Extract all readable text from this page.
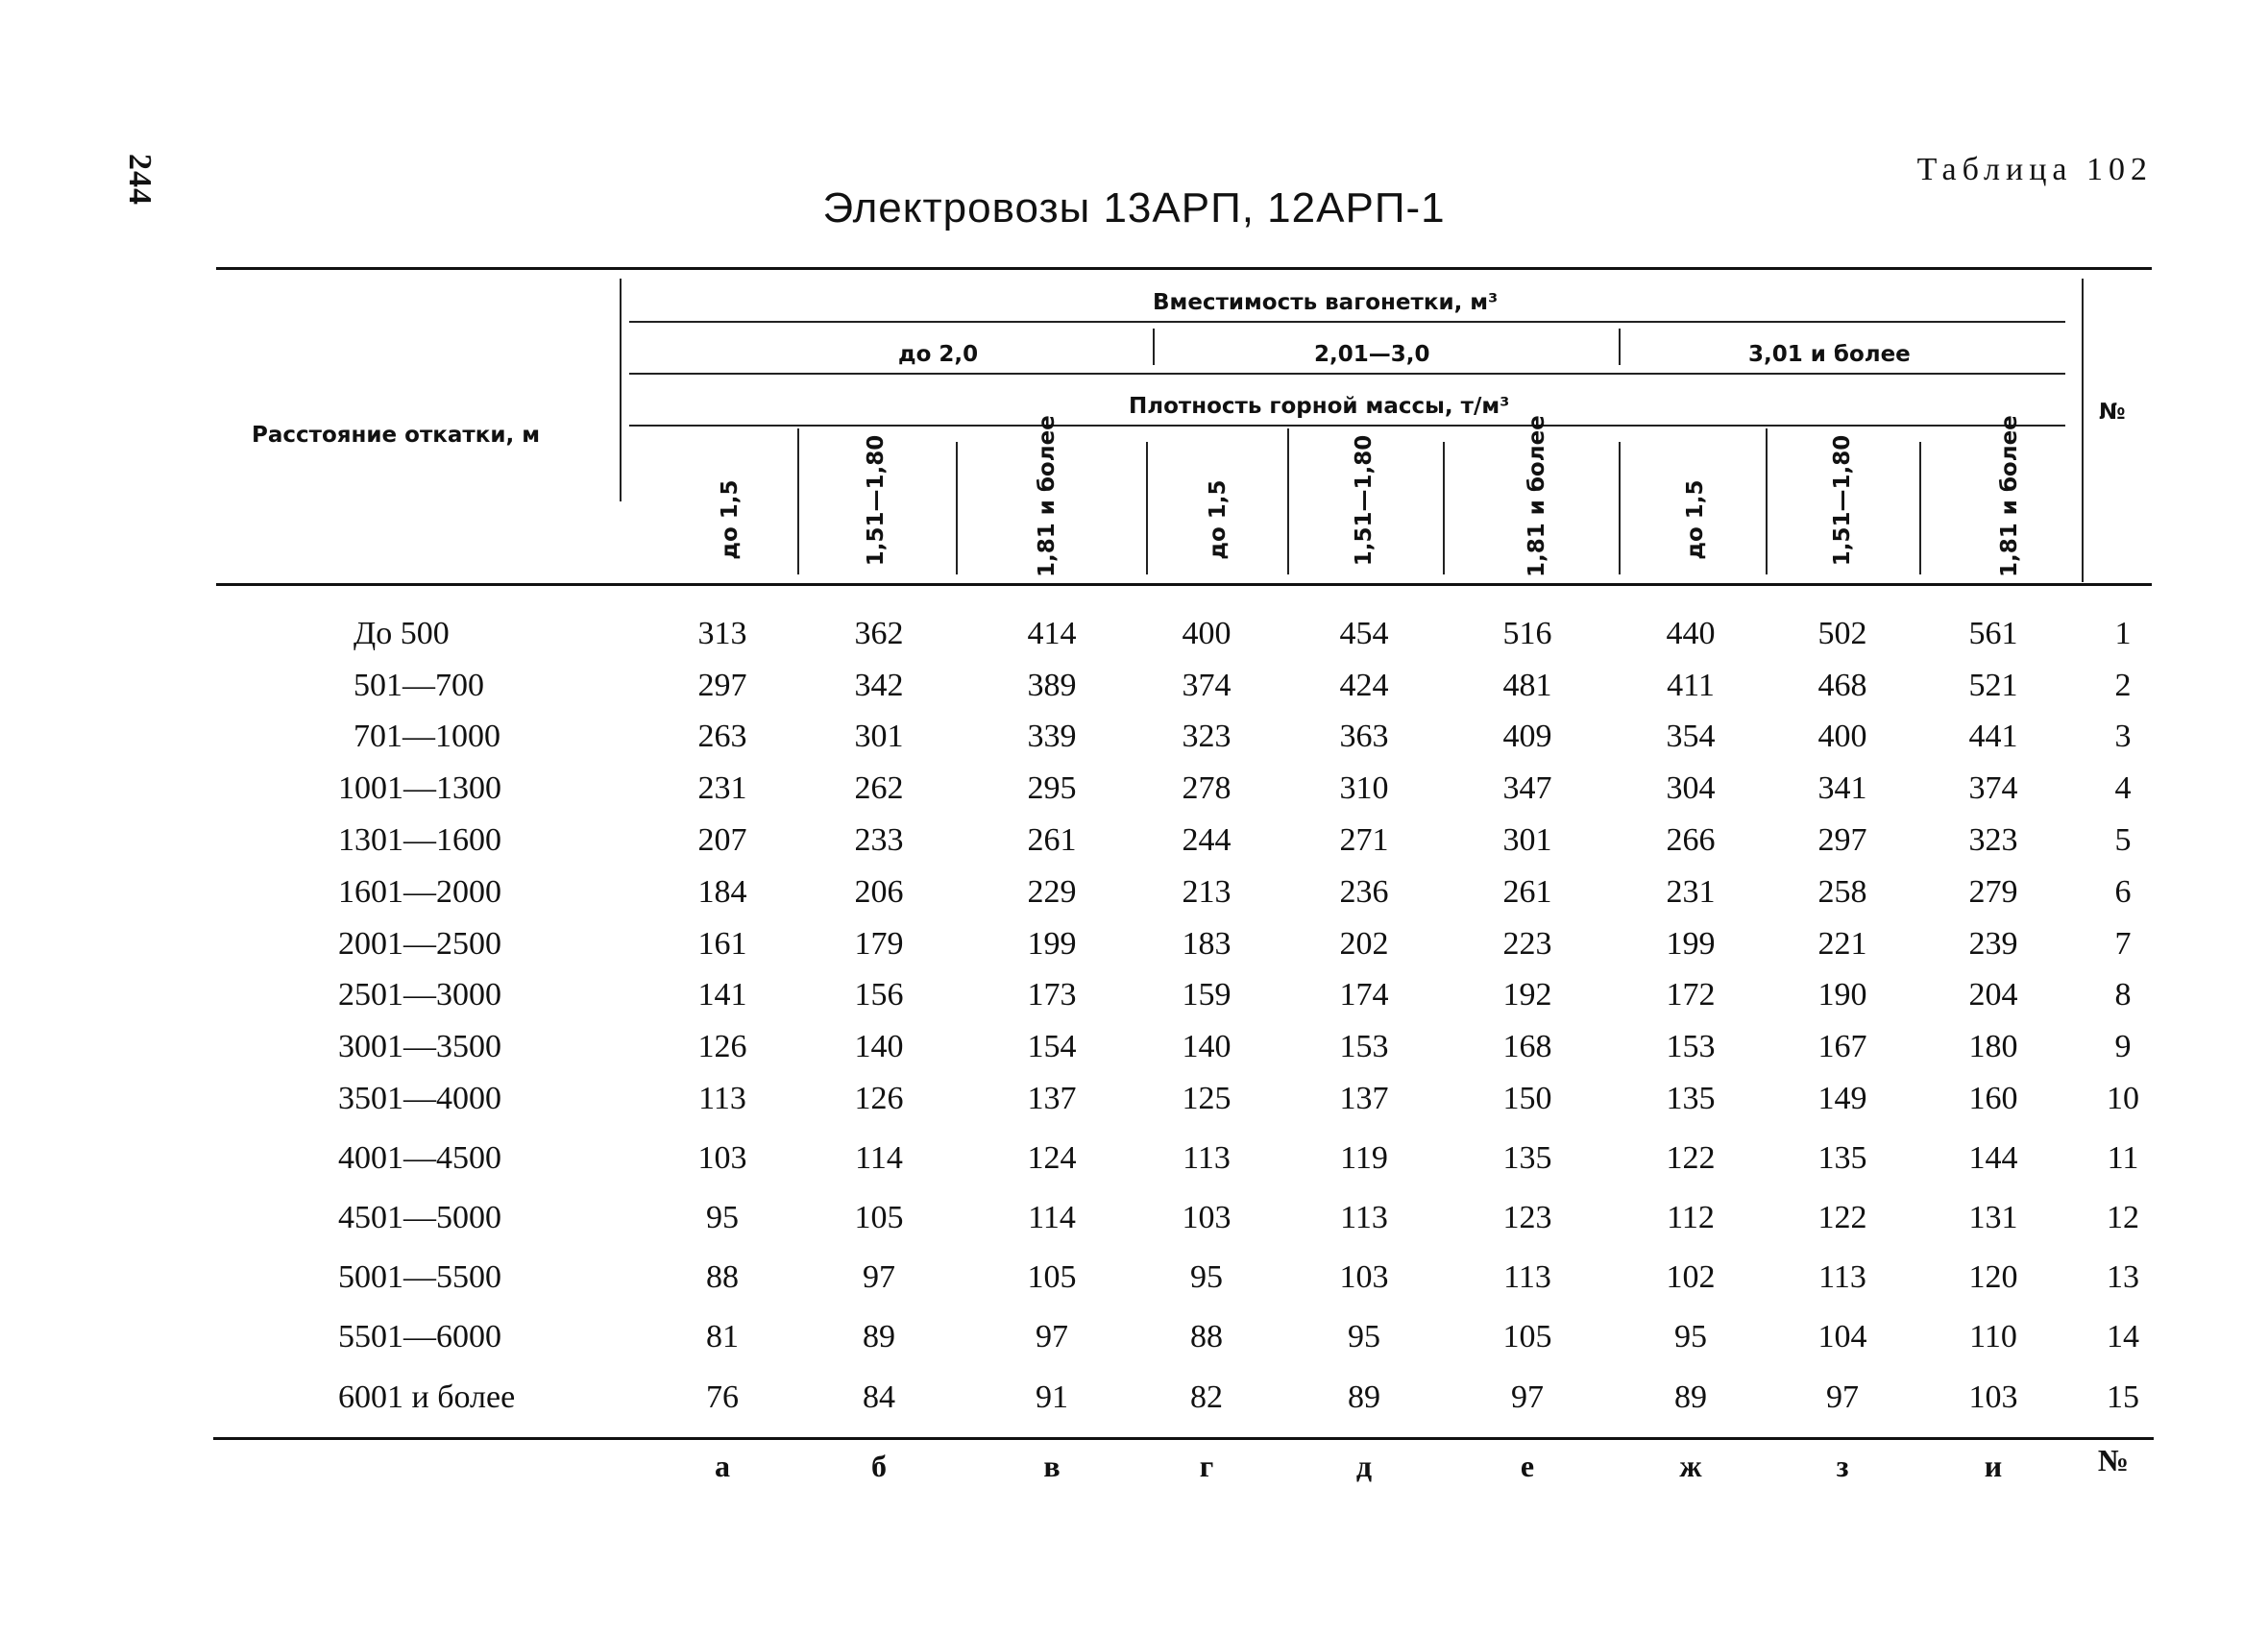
244	Таблица 102
Электровозы 13АРП, 12АРП-1
Расстояние откатки, м
Вместимость вагонетки, м³
до 2,0	2,01—3,0	3,01 и более
№
Плотность горной массы, т/м³
до 1,5	1,51—1,80	1,81 и более	до 1,5	1,51—1,80	1,81 и более	до 1,5	1,51—1,80	1,81 и более
До 500	313	362	414	400	454	516	440	502	561	1
501—700	297	342	389	374	424	481	411	468	521	2
701—1000	263	301	339	323	363	409	354	400	441	3
1001—1300	231	262	295	278	310	347	304	341	374	4
1301—1600	207	233	261	244	271	301	266	297	323	5
1601—2000	184	206	229	213	236	261	231	258	279	6
2001—2500	161	179	199	183	202	223	199	221	239	7
2501—3000	141	156	173	159	174	192	172	190	204	8
3001—3500	126	140	154	140	153	168	153	167	180	9
3501—4000	113	126	137	125	137	150	135	149	160	10
4001—4500	103	114	124	113	119	135	122	135	144	11
4501—5000	95	105	114	103	113	123	112	122	131	12
5001—5500	88	97	105	95	103	113	102	113	120	13
5501—6000	81	89	97	88	95	105	95	104	110	14
6001 и более	76	84	91	82	89	97	89	97	103	15
а	б	в	г	д	е	ж	з	и	№
